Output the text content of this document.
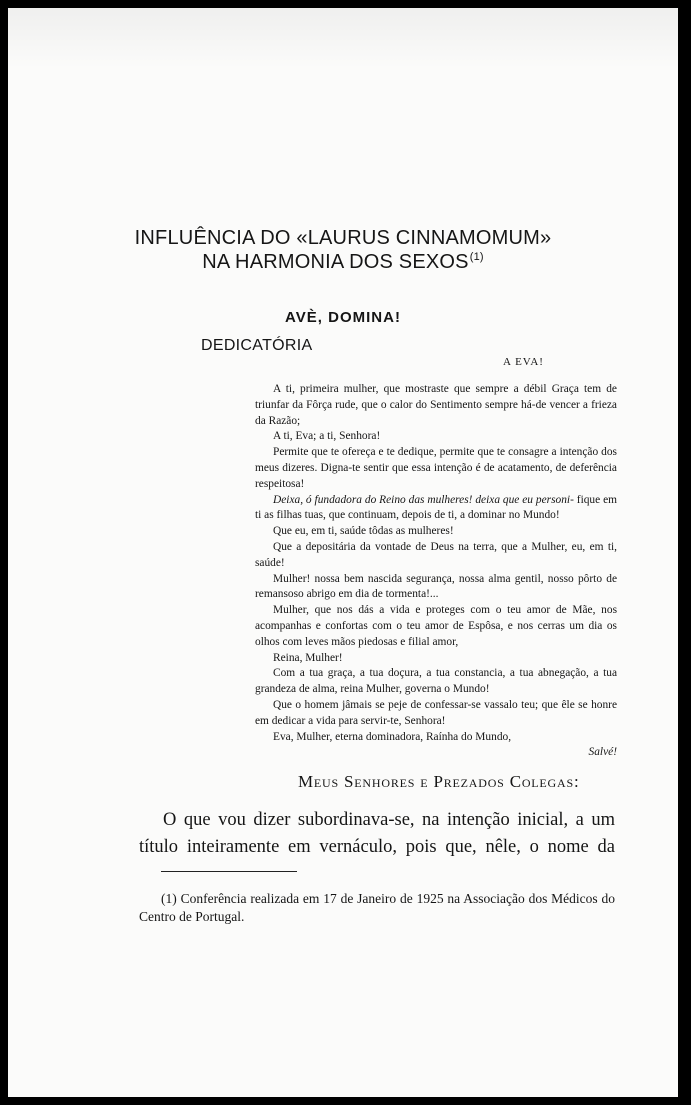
INFLUÊNCIA DO «LAURUS CINNAMOMUM»
NA HARMONIA DOS SEXOS$^{(1)}$
AVÈ, DOMINA!
DEDICATÓRIA
A EVA!

A ti, primeira mulher, que mostraste que sempre a débil Graça tem de triunfar da Fôrça rude, que o calor do Sentimento sempre há-de vencer a frieza da Razão;

A ti, Eva; a ti, Senhora!

Permite que te ofereça e te dedique, permite que te consagre a intenção dos meus dizeres. Digna-te sentir que essa intenção é de acatamento, de deferência respeitosa!

Deixa, ó fundadora do Reino das mulheres! deixa que eu personi- fique em ti as filhas tuas, que continuam, depois de ti, a dominar no Mundo!

Que eu, em ti, saúde tôdas as mulheres!

Que a depositária da vontade de Deus na terra, que a Mulher, eu, em ti, saúde!

Mulher! nossa bem nascida segurança, nossa alma gentil, nosso pôrto de remansoso abrigo em dia de tormenta!...

Mulher, que nos dás a vida e proteges com o teu amor de Mãe, nos acompanhas e confortas com o teu amor de Espôsa, e nos cerras um dia os olhos com leves mãos piedosas e filial amor,

Reina, Mulher!

Com a tua graça, a tua doçura, a tua constancia, a tua abnegação, a tua grandeza de alma, reina Mulher, governa o Mundo!

Que o homem jâmais se peje de confessar-se vassalo teu; que êle se honre em dedicar a vida para servir-te, Senhora!

Eva, Mulher, eterna dominadora, Raínha do Mundo,

Salvé!

Meus Senhores e Prezados Colegas:
O que vou dizer subordinava-se, na intenção inicial, a um título inteiramente em vernáculo, pois que, nêle, o nome da

(1) Conferência realizada em 17 de Janeiro de 1925 na Associação dos Médicos do Centro de Portugal.
